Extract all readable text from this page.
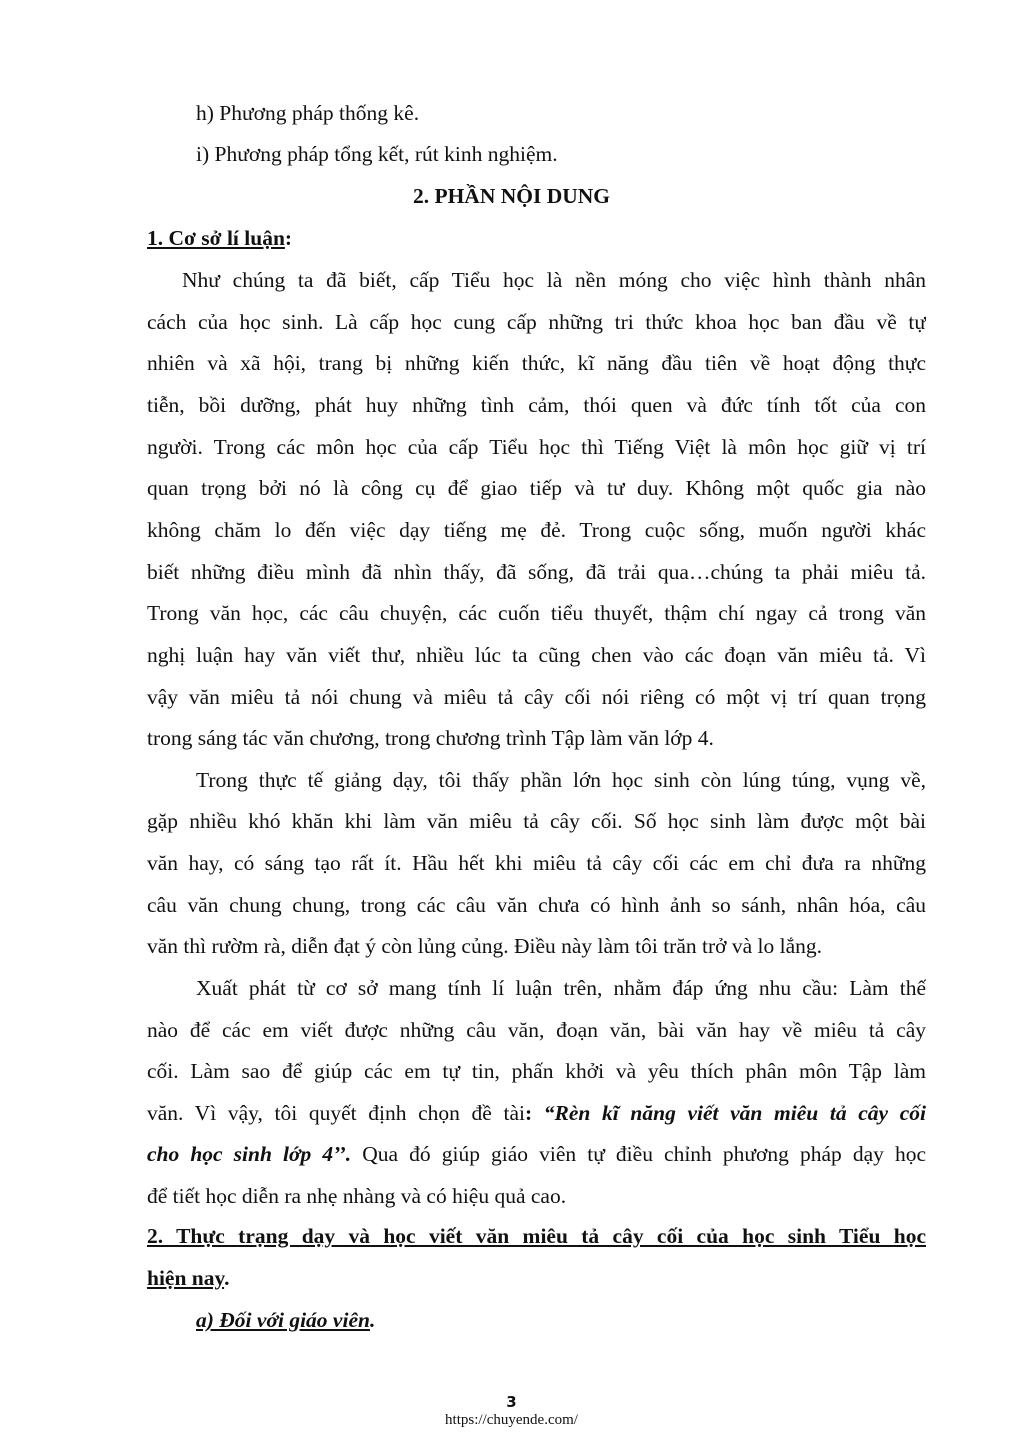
h) Phương pháp thống kê.
i) Phương pháp tổng kết, rút kinh nghiệm.
2. PHẦN NỘI DUNG
1. Cơ sở lí luận:
Như chúng ta đã biết, cấp Tiểu học là nền móng cho việc hình thành nhân
cách của học sinh. Là cấp học cung cấp những tri thức khoa học ban đầu về tự
nhiên và xã hội, trang bị những kiến thức, kĩ năng đầu tiên về hoạt động thực
tiễn, bồi dưỡng, phát huy những tình cảm, thói quen và đức tính tốt của con
người. Trong các môn học của cấp Tiểu học thì Tiếng Việt là môn học giữ vị trí
quan trọng bởi nó là công cụ để giao tiếp và tư duy. Không một quốc gia nào
không chăm lo đến việc dạy tiếng mẹ đẻ. Trong cuộc sống, muốn người khác
biết những điều mình đã nhìn thấy, đã sống, đã trải qua…chúng ta phải miêu tả.
Trong văn học, các câu chuyện, các cuốn tiểu thuyết, thậm chí ngay cả trong văn
nghị luận hay văn viết thư, nhiều lúc ta cũng chen vào các đoạn văn miêu tả. Vì
vậy văn miêu tả nói chung và miêu tả cây cối nói riêng có một vị trí quan trọng
trong sáng tác văn chương, trong chương trình Tập làm văn lớp 4.
Trong thực tế giảng dạy, tôi thấy phần lớn học sinh còn lúng túng, vụng về,
gặp nhiều khó khăn khi làm văn miêu tả cây cối. Số học sinh làm được một bài
văn hay, có sáng tạo rất ít. Hầu hết khi miêu tả cây cối các em chỉ đưa ra những
câu văn chung chung, trong các câu văn chưa có hình ảnh so sánh, nhân hóa, câu
văn thì rườm rà, diễn đạt ý còn lủng củng. Điều này làm tôi trăn trở và lo lắng.
Xuất phát từ cơ sở mang tính lí luận trên, nhằm đáp ứng nhu cầu: Làm thế
nào để các em viết được những câu văn, đoạn văn, bài văn hay về miêu tả cây
cối. Làm sao để giúp các em tự tin, phấn khởi và yêu thích phân môn Tập làm
văn. Vì vậy, tôi quyết định chọn đề tài: “Rèn kĩ năng viết văn miêu tả cây cối
cho học sinh lớp 4’’. Qua đó giúp giáo viên tự điều chỉnh phương pháp dạy học
để tiết học diễn ra nhẹ nhàng và có hiệu quả cao.
2. Thực trạng dạy và học viết văn miêu tả cây cối của học sinh Tiểu học
hiện nay.
a) Đối với giáo viên.
3
https://chuyende.com/
